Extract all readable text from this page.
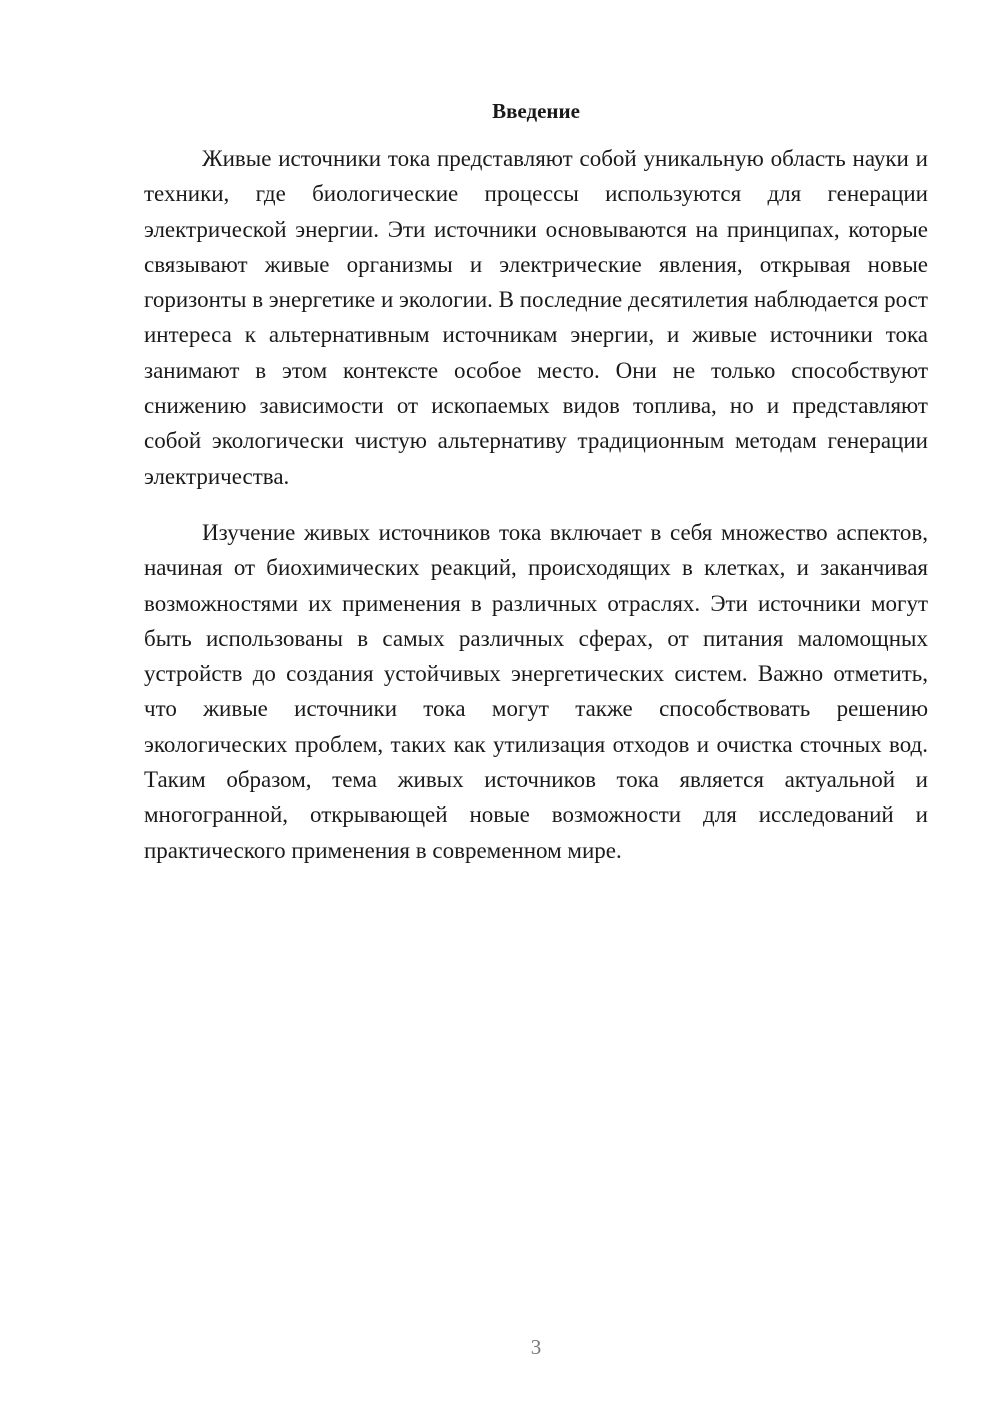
Введение

Живые источники тока представляют собой уникальную область науки и техники, где биологические процессы используются для генерации электрической энергии. Эти источники основываются на принципах, которые связывают живые организмы и электрические явления, открывая новые горизонты в энергетике и экологии. В последние десятилетия наблюдается рост интереса к альтернативным источникам энергии, и живые источники тока занимают в этом контексте особое место. Они не только способствуют снижению зависимости от ископаемых видов топлива, но и представляют собой экологически чистую альтернативу традиционным методам генерации электричества.

Изучение живых источников тока включает в себя множество аспектов, начиная от биохимических реакций, происходящих в клетках, и заканчивая возможностями их применения в различных отраслях. Эти источники могут быть использованы в самых различных сферах, от питания маломощных устройств до создания устойчивых энергетических систем. Важно отметить, что живые источники тока могут также способствовать решению экологических проблем, таких как утилизация отходов и очистка сточных вод. Таким образом, тема живых источников тока является актуальной и многогранной, открывающей новые возможности для исследований и практического применения в современном мире.

3
